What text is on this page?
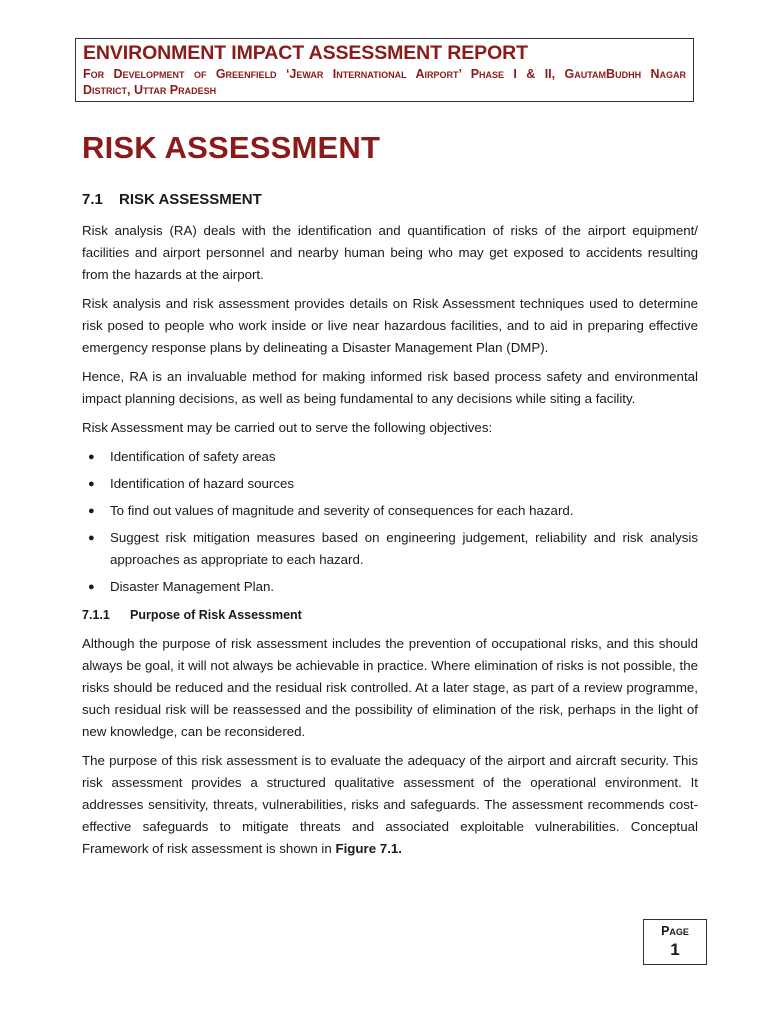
ENVIRONMENT IMPACT ASSESSMENT REPORT
For Development of Greenfield ‘Jewar International Airport’ Phase I & II, GautamBudhh Nagar
District, Uttar Pradesh
RISK ASSESSMENT
7.1	RISK ASSESSMENT

Risk analysis (RA) deals with the identification and quantification of risks of the airport equipment/ facilities and airport personnel and nearby human being who may get exposed to accidents resulting from the hazards at the airport.

Risk analysis and risk assessment provides details on Risk Assessment techniques used to determine risk posed to people who work inside or live near hazardous facilities, and to aid in preparing effective emergency response plans by delineating a Disaster Management Plan (DMP).

Hence, RA is an invaluable method for making informed risk based process safety and environmental impact planning decisions, as well as being fundamental to any decisions while siting a facility.

Risk Assessment may be carried out to serve the following objectives:

●	Identification of safety areas
●	Identification of hazard sources
●	To find out values of magnitude and severity of consequences for each hazard.
●	Suggest risk mitigation measures based on engineering judgement, reliability and risk analysis approaches as appropriate to each hazard.
●	Disaster Management Plan.
7.1.1	Purpose of Risk Assessment

Although the purpose of risk assessment includes the prevention of occupational risks, and this should always be goal, it will not always be achievable in practice. Where elimination of risks is not possible, the risks should be reduced and the residual risk controlled. At a later stage, as part of a review programme, such residual risk will be reassessed and the possibility of elimination of the risk, perhaps in the light of new knowledge, can be reconsidered.

The purpose of this risk assessment is to evaluate the adequacy of the airport and aircraft security. This risk assessment provides a structured qualitative assessment of the operational environment. It addresses sensitivity, threats, vulnerabilities, risks and safeguards. The assessment recommends cost-effective safeguards to mitigate threats and associated exploitable vulnerabilities. Conceptual Framework of risk assessment is shown in Figure 7.1.

Page
1
